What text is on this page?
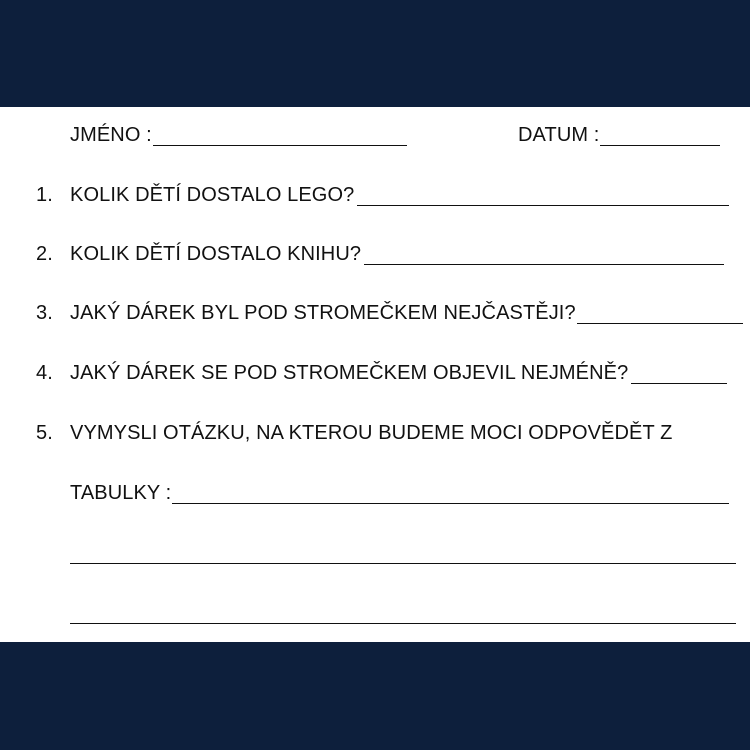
JMÉNO :	DATUM :
1. KOLIK DĚTÍ DOSTALO LEGO?
2. KOLIK DĚTÍ DOSTALO KNIHU?
3. JAKÝ DÁREK BYL POD STROMEČKEM NEJČASTĚJI?
4. JAKÝ DÁREK SE POD STROMEČKEM OBJEVIL NEJMÉNĚ?
5. VYMYSLI OTÁZKU, NA KTEROU BUDEME MOCI ODPOVĚDĚT Z
TABULKY :
